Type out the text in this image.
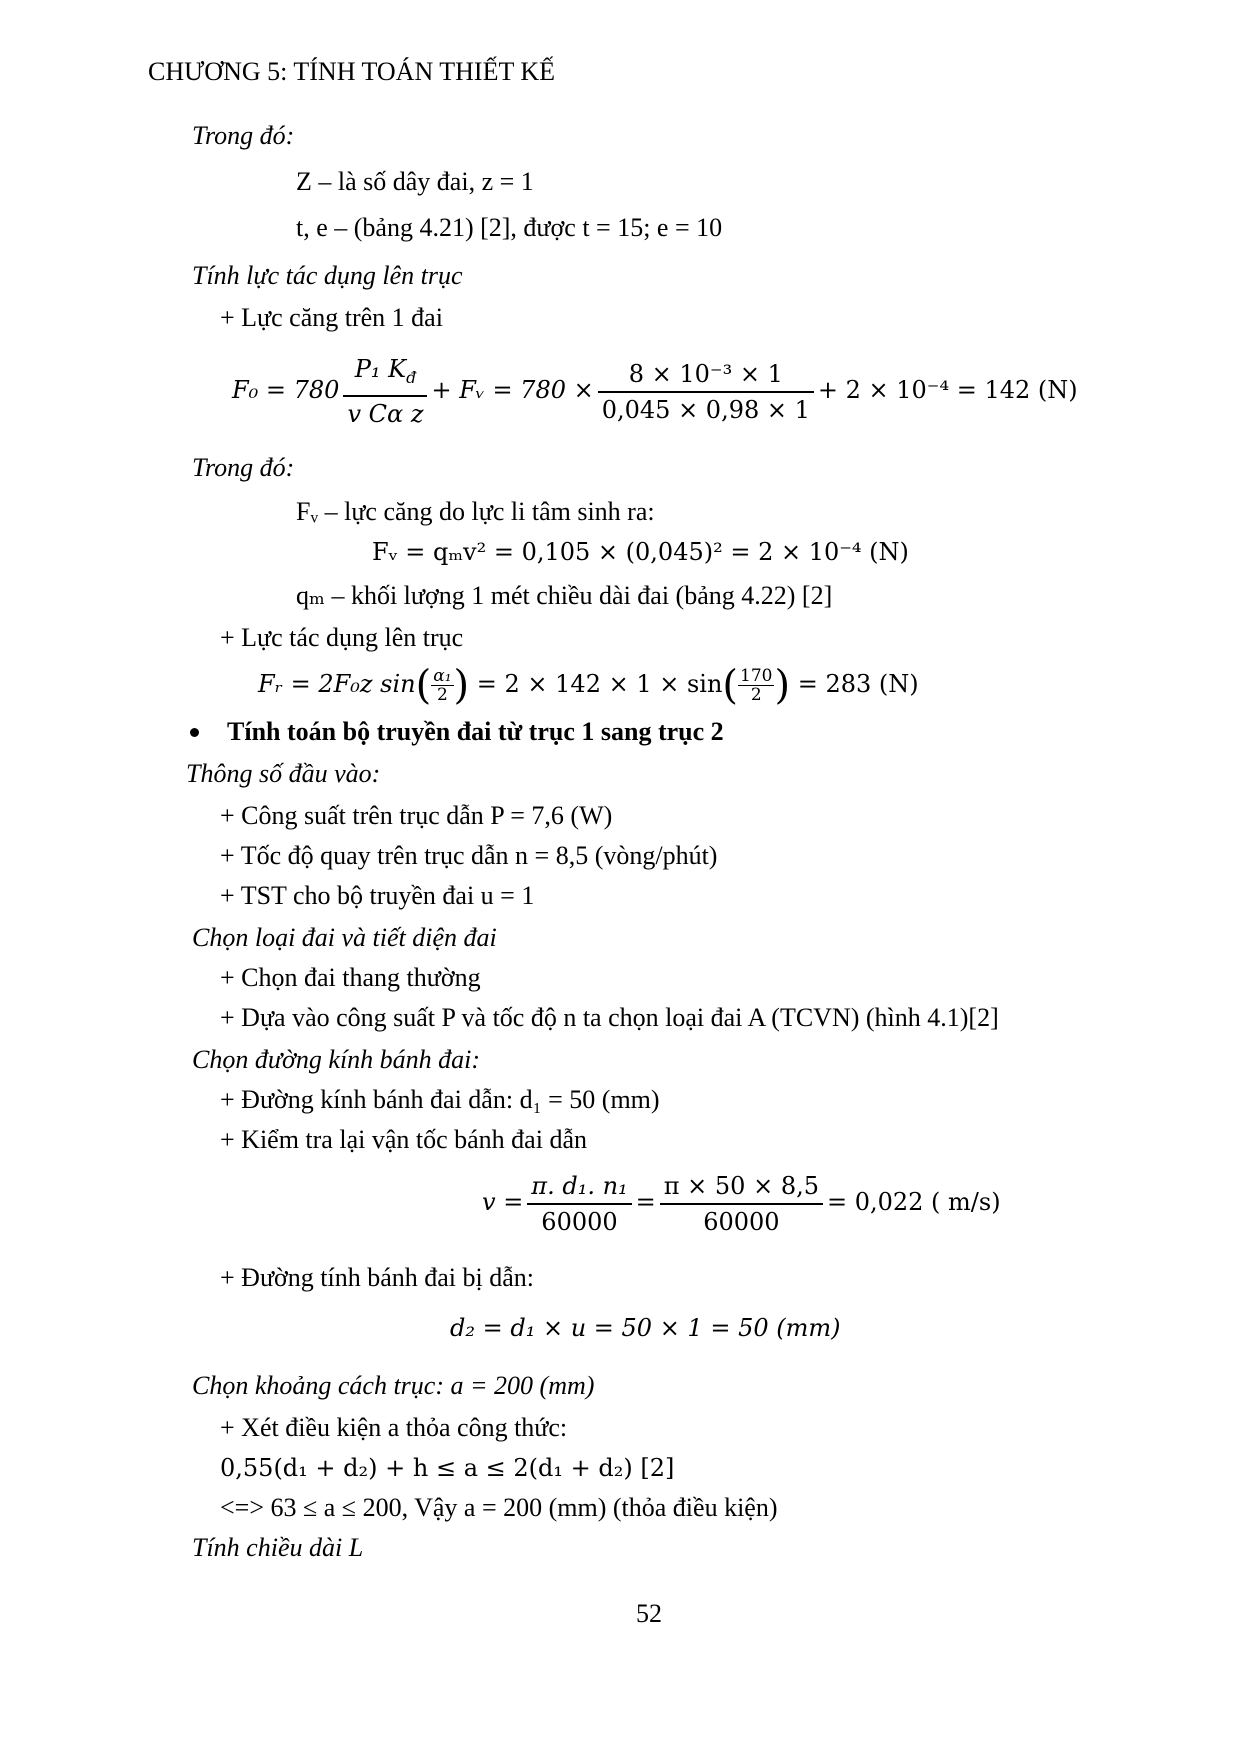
CHƯƠNG 5: TÍNH TOÁN THIẾT KẾ
Trong đó:
Z – là số dây đai, z = 1
t, e – (bảng 4.21) [2], được t = 15; e = 10
Tính lực tác dụng lên trục
+ Lực căng trên 1 đai
$F_0 = 780 \frac{P_1 K_đ}{\text{v Cα z}}$ + Fᵥ = $780 \times \frac{\text{8 × 10⁻³ × 1}}{0,045 \times 0,98 \times 1} + 2 \times 10^{-4} = 142$ (N)
Trong đó:
Fᵥ – lực căng do lực li tâm sinh ra:
Fᵥ = qₘv² = 0,105 × (0,045)² = 2 × 10⁻⁴ (N)
qₘ – khối lượng 1 mét chiều dài đai (bảng 4.22) [2]
+ Lực tác dụng lên trục
Fᵣ = 2F₀z $\sin( \frac{\text{α₁}}{2}$ ) = $2 \times 142 \times 1 \times \sin( \frac{170}{2}$ ) = 283 (N)
Tính toán bộ truyền đai từ trục 1 sang trục 2
Thông số đầu vào:
+ Công suất trên trục dẫn P = 7,6 (W)
+ Tốc độ quay trên trục dẫn n = 8,5 (vòng/phút)
+ TST cho bộ truyền đai u = 1
Chọn loại đai và tiết diện đai
+ Chọn đai thang thường
+ Dựa vào công suất P và tốc độ n ta chọn loại đai A (TCVN) (hình 4.1)[2]
Chọn đường kính bánh đai:
+ Đường kính bánh đai dẫn: d₁ = 50 (mm)
+ Kiểm tra lại vận tốc bánh đai dẫn
$v = \frac{\text{π. d₁. n₁}}{60000} = \frac{\pi \times 50 \times 8,5}{60000} = 0,022$ ( m/s)
+ Đường tính bánh đai bị dẫn:
d₂ = d₁ × u = 50 × 1 = 50 (mm)
Chọn khoảng cách trục: a = 200 (mm)
+ Xét điều kiện a thỏa công thức:
0,55(d₁ + d₂) + h ≤ a ≤ 2(d₁ + d₂) [2]
<=> 63 ≤ a ≤ 200, Vậy a = 200 (mm) (thỏa điều kiện)
Tính chiều dài L
52
